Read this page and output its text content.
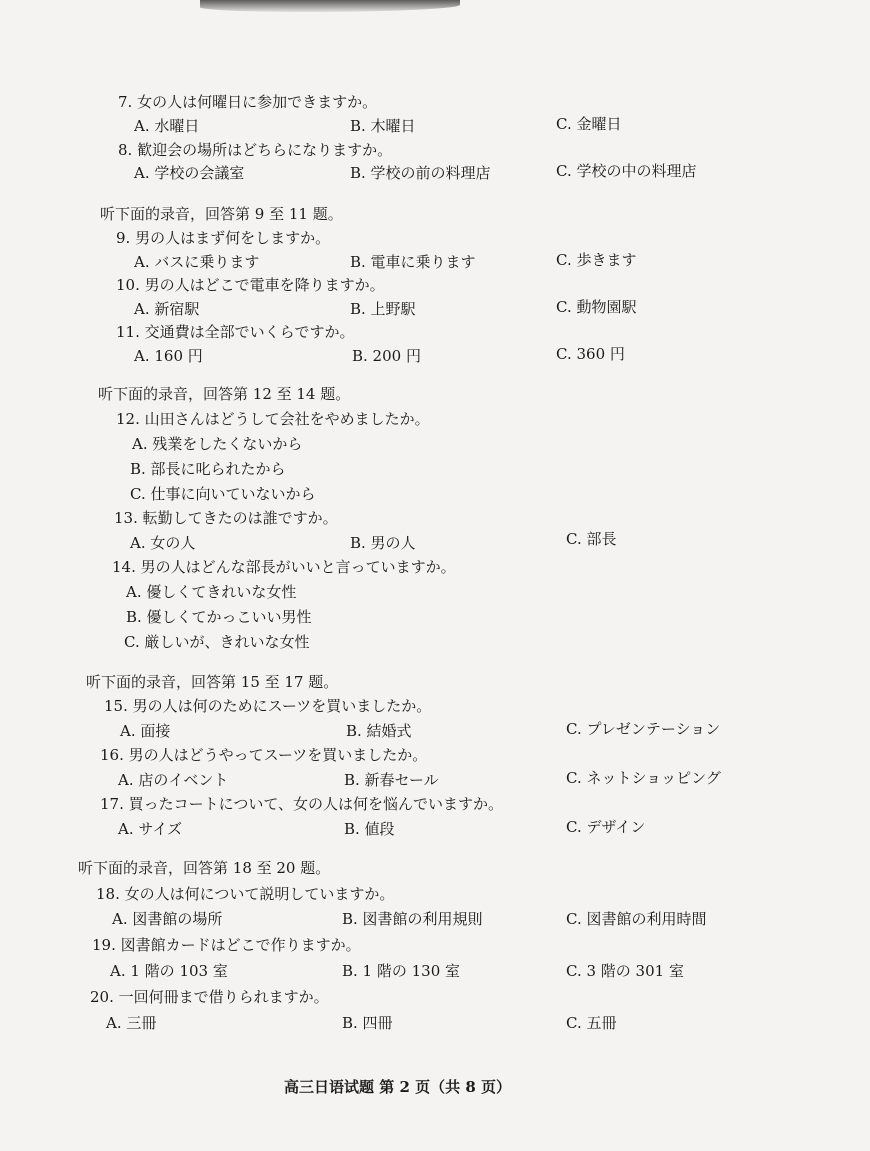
7. 女の人は何曜日に参加できますか。
A. 水曜日	B. 木曜日	C. 金曜日
8. 歓迎会の場所はどちらになりますか。
A. 学校の会議室	B. 学校の前の料理店	C. 学校の中の料理店
听下面的录音，回答第 9 至 11 题。
9. 男の人はまず何をしますか。
A. バスに乗ります	B. 電車に乗ります	C. 歩きます
10. 男の人はどこで電車を降りますか。
A. 新宿駅	B. 上野駅	C. 動物園駅
11. 交通費は全部でいくらですか。
A. 160 円	B. 200 円	C. 360 円
听下面的录音，回答第 12 至 14 题。
12. 山田さんはどうして会社をやめましたか。
A. 残業をしたくないから
B. 部長に叱られたから
C. 仕事に向いていないから
13. 転勤してきたのは誰ですか。
A. 女の人	B. 男の人	C. 部長
14. 男の人はどんな部長がいいと言っていますか。
A. 優しくてきれいな女性
B. 優しくてかっこいい男性
C. 厳しいが、きれいな女性
听下面的录音，回答第 15 至 17 题。
15. 男の人は何のためにスーツを買いましたか。
A. 面接	B. 結婚式	C. プレゼンテーション
16. 男の人はどうやってスーツを買いましたか。
A. 店のイベント	B. 新春セール	C. ネットショッピング
17. 買ったコートについて、女の人は何を悩んでいますか。
A. サイズ	B. 値段	C. デザイン
听下面的录音，回答第 18 至 20 题。
18. 女の人は何について説明していますか。
A. 図書館の場所	B. 図書館の利用規則	C. 図書館の利用時間
19. 図書館カードはどこで作りますか。
A. 1 階の 103 室	B. 1 階の 130 室	C. 3 階の 301 室
20. 一回何冊まで借りられますか。
A. 三冊	B. 四冊	C. 五冊
高三日语试题 第 2 页（共 8 页）
